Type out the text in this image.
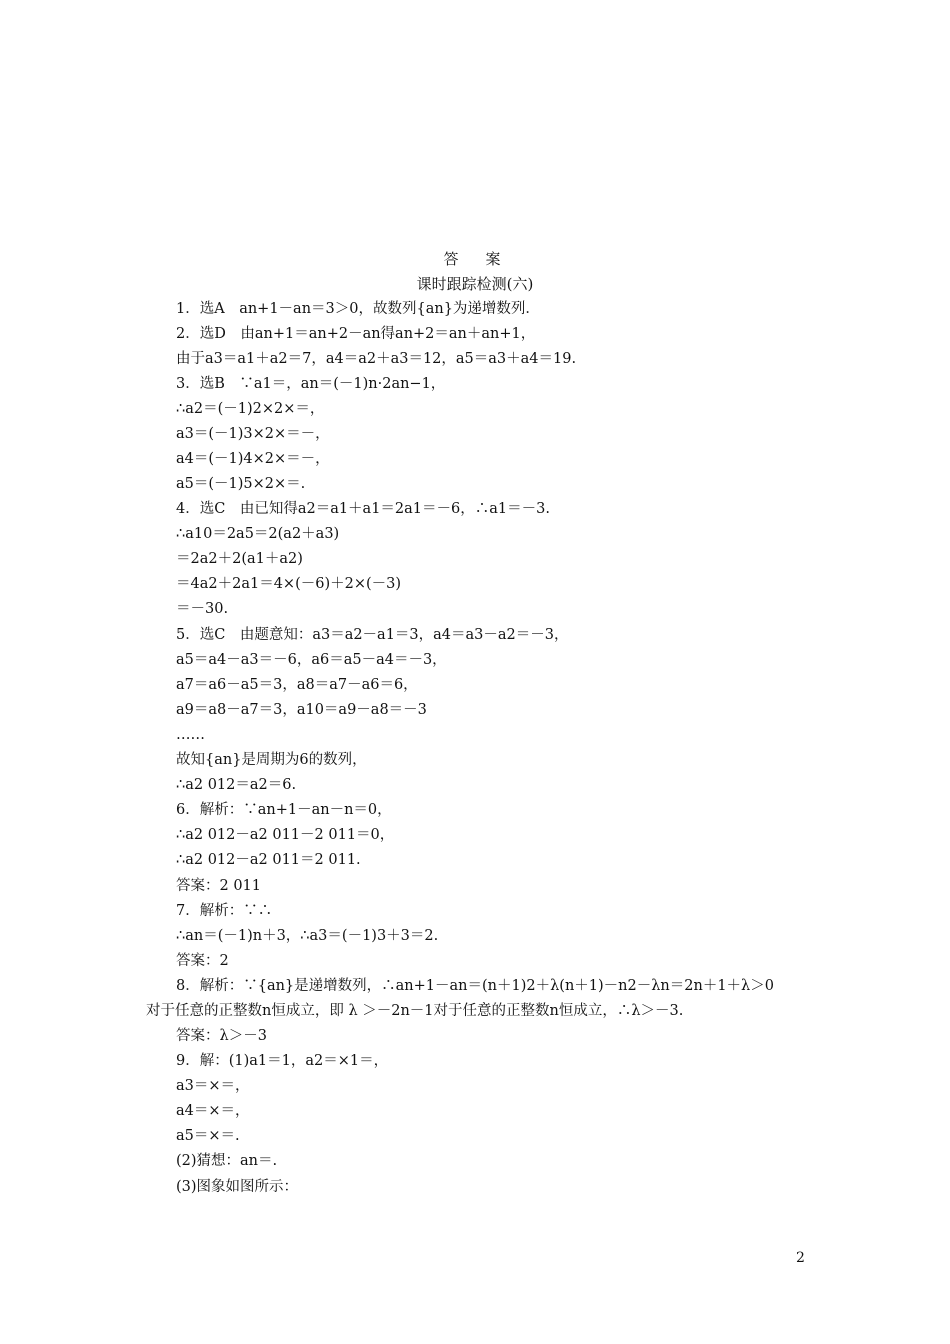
答　案
课时跟踪检测(六)
1．选A　an+1－an＝3＞0，故数列{an}为递增数列．
2．选D　由an+1＝an+2－an得an+2＝an＋an+1，
由于a3＝a1＋a2＝7，a4＝a2＋a3＝12，a5＝a3＋a4＝19.
3．选B　∵a1＝，an＝(－1)n·2an−1，
∴a2＝(－1)2×2×＝，
a3＝(－1)3×2×＝－，
a4＝(－1)4×2×＝－，
a5＝(－1)5×2×＝.
4．选C　由已知得a2＝a1＋a1＝2a1＝－6，∴a1＝－3.
∴a10＝2a5＝2(a2＋a3)
＝2a2＋2(a1＋a2)
＝4a2＋2a1＝4×(－6)＋2×(－3)
＝－30.
5．选C　由题意知：a3＝a2－a1＝3，a4＝a3－a2＝－3，
a5＝a4－a3＝－6，a6＝a5－a4＝－3，
a7＝a6－a5＝3，a8＝a7－a6＝6，
a9＝a8－a7＝3，a10＝a9－a8＝－3
……
故知{an}是周期为6的数列，
∴a2 012＝a2＝6.
6．解析：∵an+1－an－n＝0，
∴a2 012－a2 011－2 011＝0，
∴a2 012－a2 011＝2 011.
答案：2 011
7．解析：∵∴
∴an＝(－1)n＋3，∴a3＝(－1)3＋3＝2.
答案：2
8．解析：∵{an}是递增数列，∴an+1－an＝(n＋1)2＋λ(n＋1)－n2－λn＝2n＋1＋λ＞0
对于任意的正整数n恒成立，即 λ ＞－2n－1对于任意的正整数n恒成立，∴λ＞－3.
答案：λ＞－3
9．解：(1)a1＝1，a2＝×1＝，
a3＝×＝，
a4＝×＝，
a5＝×＝.
(2)猜想：an＝.
(3)图象如图所示：
2
